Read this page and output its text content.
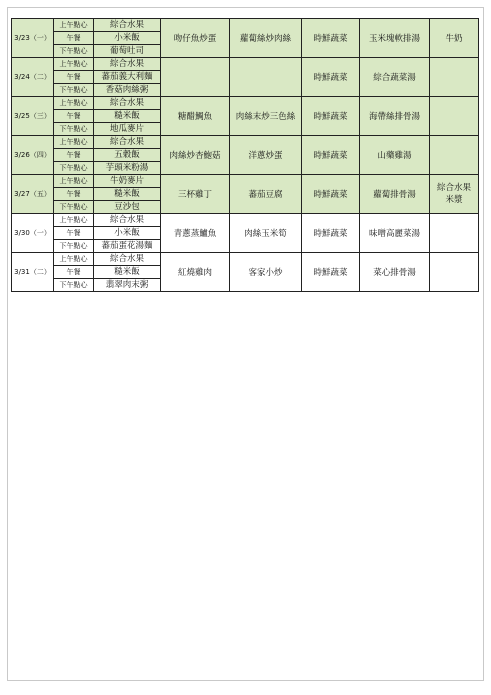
3/23（一）	上午點心	綜合水果	吻仔魚炒蛋	蘿蔔絲炒肉絲	時鮮蔬菜	玉米塊軟排湯	牛奶
	午餐	小米飯					
	下午點心	葡萄吐司					
3/24（二）	上午點心	綜合水果			時鮮蔬菜	綜合蔬菜湯	
	午餐	蕃茄義大利麵					
	下午點心	香菇肉絲粥					
3/25（三）	上午點心	綜合水果	糖醋鯛魚	肉絲末炒三色絲	時鮮蔬菜	海帶絲排骨湯	
	午餐	糙米飯					
	下午點心	地瓜麥片					
3/26（四）	上午點心	綜合水果	肉絲炒杏鮑菇	洋蔥炒蛋	時鮮蔬菜	山藥雞湯	
	午餐	五穀飯					
	下午點心	芋頭米粉湯					
3/27（五）	上午點心	牛奶麥片	三杯雞丁	蕃茄豆腐	時鮮蔬菜	蘿蔔排骨湯	綜合水果
米漿
	午餐	糙米飯					
	下午點心	豆沙包					
3/30（一）	上午點心	綜合水果	青蔥蒸鱸魚	肉絲玉米筍	時鮮蔬菜	味噌高麗菜湯	
	午餐	小米飯					
	下午點心	蕃茄蛋花湯麵					
3/31（二）	上午點心	綜合水果	紅燒雞肉	客家小炒	時鮮蔬菜	菜心排骨湯	
	午餐	糙米飯					
	下午點心	翡翠肉末粥					
